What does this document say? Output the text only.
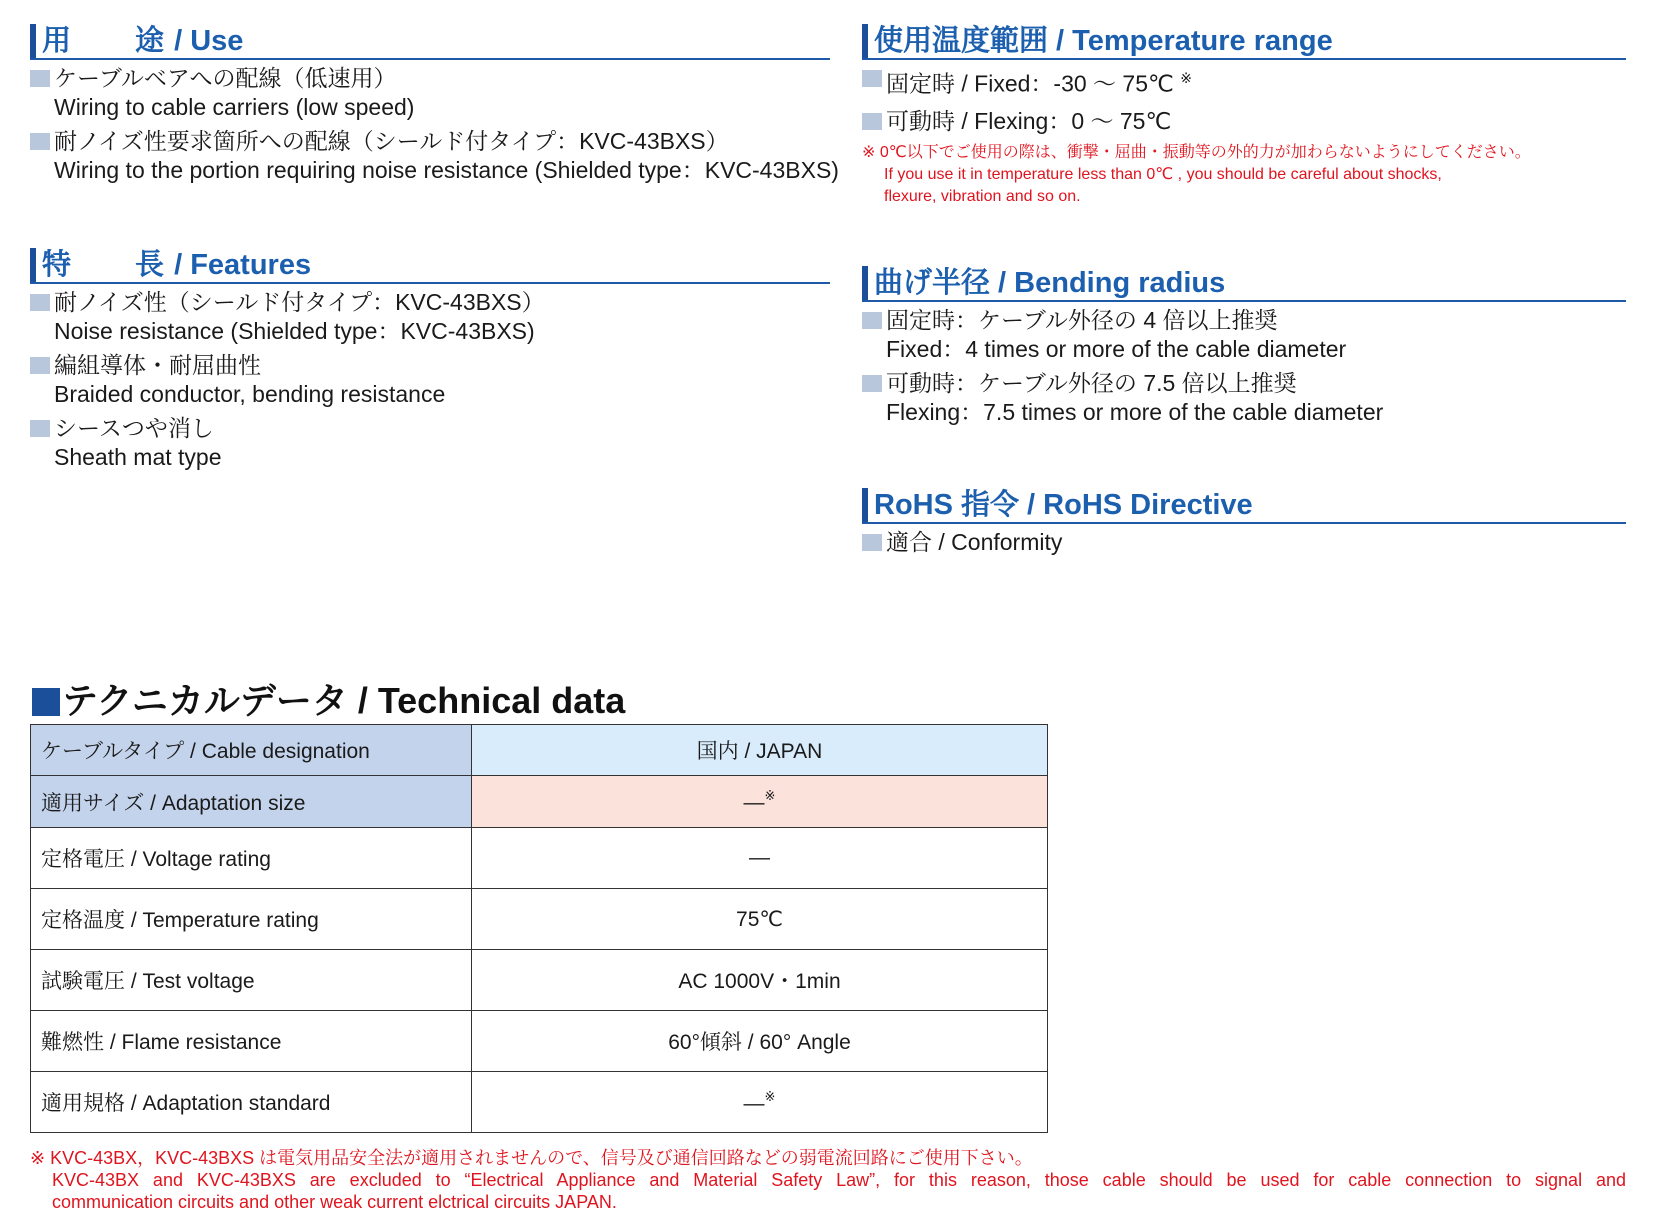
用　　途 / Use
ケーブルベアへの配線（低速用）
Wiring to cable carriers (low speed)
耐ノイズ性要求箇所への配線（シールド付タイプ：KVC-43BXS）
Wiring to the portion requiring noise resistance (Shielded type：KVC-43BXS)
特　　長 / Features
耐ノイズ性（シールド付タイプ：KVC-43BXS）
Noise resistance (Shielded type：KVC-43BXS)
編組導体・耐屈曲性
Braided conductor, bending resistance
シースつや消し
Sheath mat type
使用温度範囲 / Temperature range
固定時 / Fixed：-30 ～ 75℃ ※
可動時 / Flexing：0 ～ 75℃
※ 0℃以下でご使用の際は、衝撃・屈曲・振動等の外的力が加わらないようにしてください。
If you use it in temperature less than 0℃ , you should be careful about shocks,
flexure, vibration and so on.
曲げ半径 / Bending radius
固定時：ケーブル外径の 4 倍以上推奨
Fixed：4 times or more of the cable diameter
可動時：ケーブル外径の 7.5 倍以上推奨
Flexing：7.5 times or more of the cable diameter
RoHS 指令 / RoHS Directive
適合 / Conformity
テクニカルデータ / Technical data
ケーブルタイプ / Cable designation	国内 / JAPAN
適用サイズ / Adaptation size	―※
定格電圧 / Voltage rating	―
定格温度 / Temperature rating	75℃
試験電圧 / Test voltage	AC 1000V・1min
難燃性 / Flame resistance	60°傾斜 / 60° Angle
適用規格 / Adaptation standard	―※
※ KVC-43BX，KVC-43BXS は電気用品安全法が適用されませんので、信号及び通信回路などの弱電流回路にご使用下さい。
KVC-43BX and KVC-43BXS are excluded to “Electrical Appliance and Material Safety Law”, for this reason, those cable should be used for cable connection to signal and
communication circuits and other weak current elctrical circuits JAPAN.
